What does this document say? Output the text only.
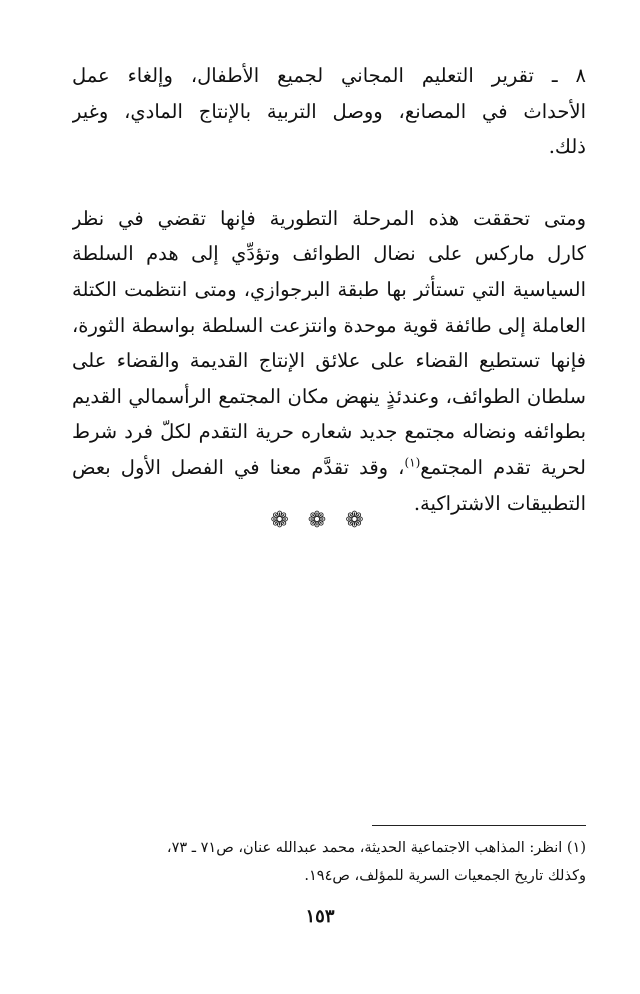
٨ ـ تقرير التعليم المجاني لجميع الأطفال، وإلغاء عمل
الأحداث في المصانع، ووصل التربية بالإنتاج المادي، وغير
ذلك.
ومتى تحققت هذه المرحلة التطورية فإنها تقضي في نظر
كارل ماركس على نضال الطوائف وتؤدِّي إلى هدم السلطة
السياسية التي تستأثر بها طبقة البرجوازي، ومتى انتظمت الكتلة
العاملة إلى طائفة قوية موحدة وانتزعت السلطة بواسطة الثورة،
فإنها تستطيع القضاء على علائق الإنتاج القديمة والقضاء على
سلطان الطوائف، وعندئذٍ ينهض مكان المجتمع الرأسمالي القديم
بطوائفه ونضاله مجتمع جديد شعاره حرية التقدم لكلّ فرد شرط
لحرية تقدم المجتمع$^{(١)}$، وقد تقدَّم معنا في الفصل الأول بعض
التطبيقات الاشتراكية.
❁ ❁ ❁
(١) انظر: المذاهب الاجتماعية الحديثة، محمد عبدالله عنان، ص٧١ ـ ٧٣،
وكذلك تاريخ الجمعيات السرية للمؤلف، ص١٩٤.
١٥٣
